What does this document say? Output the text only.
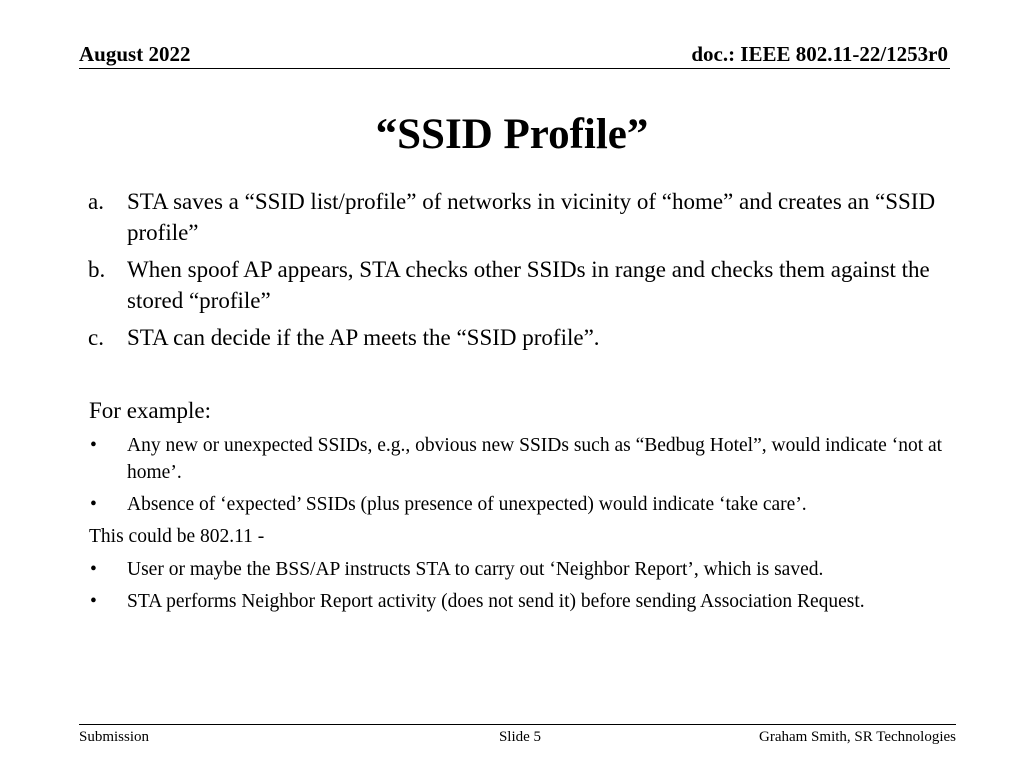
August 2022	doc.: IEEE 802.11-22/1253r0
“SSID Profile”
a. STA saves a “SSID list/profile” of networks in vicinity of “home” and creates an “SSID profile”
b. When spoof AP appears, STA checks other SSIDs in range and checks them against the stored “profile”
c. STA can decide if the AP meets the “SSID profile”.
For example:
• Any new or unexpected SSIDs, e.g., obvious new SSIDs such as “Bedbug Hotel”, would indicate ‘not at home’.
• Absence of ‘expected’ SSIDs (plus presence of unexpected) would indicate ‘take care’.
This could be 802.11 -
• User or maybe the BSS/AP instructs STA to carry out ‘Neighbor Report’, which is saved.
• STA performs Neighbor Report activity (does not send it) before sending Association Request.
Submission	Slide 5	Graham Smith, SR Technologies
